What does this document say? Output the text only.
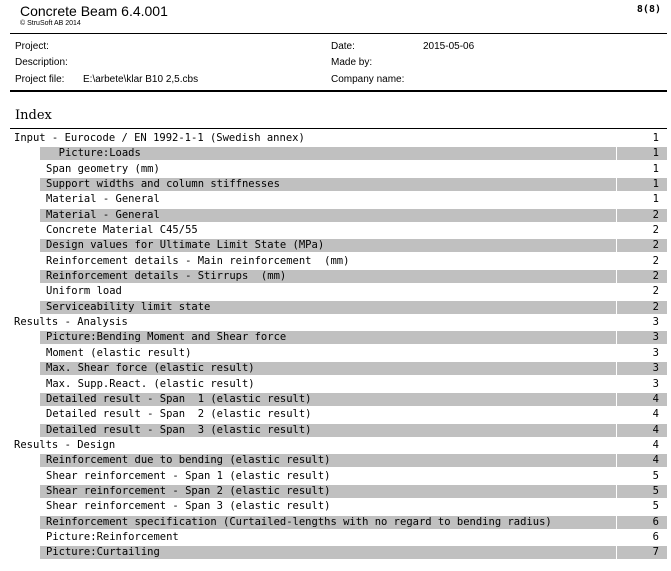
Concrete Beam 6.4.001
© StruSoft AB 2014
8(8)
Project:
Description:
Project file: E:\arbete\klar B10 2,5.cbs
Date:	2015-05-06
Made by:
Company name:
Index
Input - Eurocode / EN 1992-1-1 (Swedish annex)	1
Picture:Loads	1
Span geometry (mm)	1
Support widths and column stiffnesses	1
Material - General	1
Material - General	2
Concrete Material C45/55	2
Design values for Ultimate Limit State (MPa)	2
Reinforcement details - Main reinforcement  (mm)	2
Reinforcement details - Stirrups  (mm)	2
Uniform load	2
Serviceability limit state	2
Results - Analysis	3
Picture:Bending Moment and Shear force	3
Moment (elastic result)	3
Max. Shear force (elastic result)	3
Max. Supp.React. (elastic result)	3
Detailed result - Span  1 (elastic result)	4
Detailed result - Span  2 (elastic result)	4
Detailed result - Span  3 (elastic result)	4
Results - Design	4
Reinforcement due to bending (elastic result)	4
Shear reinforcement - Span 1 (elastic result)	5
Shear reinforcement - Span 2 (elastic result)	5
Shear reinforcement - Span 3 (elastic result)	5
Reinforcement specification (Curtailed-lengths with no regard to bending radius)	6
Picture:Reinforcement	6
Picture:Curtailing	7
